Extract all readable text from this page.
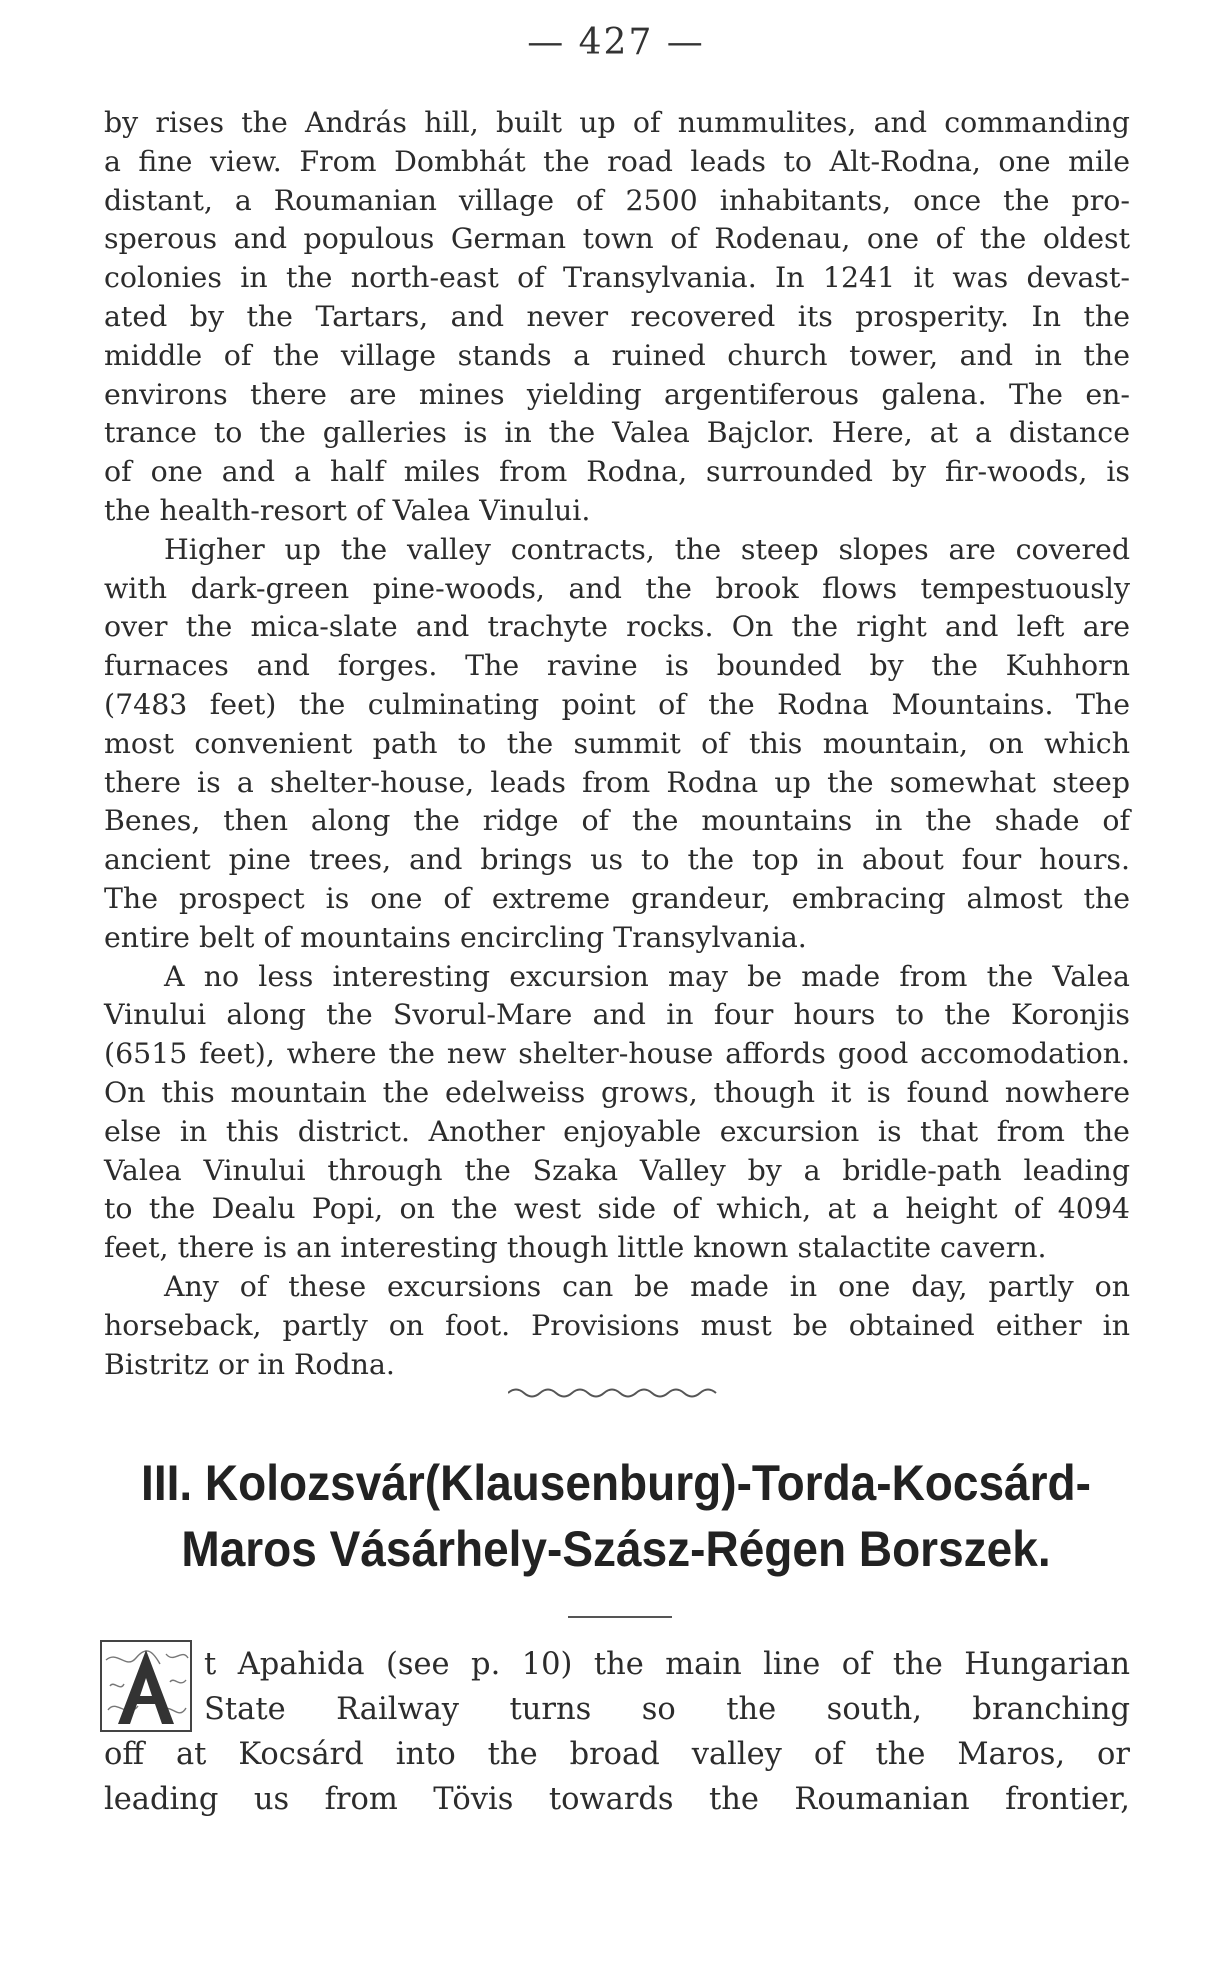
— 427 —

by rises the András hill, built up of nummulites, and commanding
a fine view. From Dombhát the road leads to Alt-Rodna, one mile
distant, a Roumanian village of 2500 inhabitants, once the pro-
sperous and populous German town of Rodenau, one of the oldest
colonies in the north-east of Transylvania. In 1241 it was devast-
ated by the Tartars, and never recovered its prosperity. In the
middle of the village stands a ruined church tower, and in the
environs there are mines yielding argentiferous galena. The en-
trance to the galleries is in the Valea Bajclor. Here, at a distance
of one and a half miles from Rodna, surrounded by fir-woods, is
the health-resort of Valea Vinului.

Higher up the valley contracts, the steep slopes are covered
with dark-green pine-woods, and the brook flows tempestuously
over the mica-slate and trachyte rocks. On the right and left are
furnaces and forges. The ravine is bounded by the Kuhhorn
(7483 feet) the culminating point of the Rodna Mountains. The
most convenient path to the summit of this mountain, on which
there is a shelter-house, leads from Rodna up the somewhat steep
Benes, then along the ridge of the mountains in the shade of
ancient pine trees, and brings us to the top in about four hours.
The prospect is one of extreme grandeur, embracing almost the
entire belt of mountains encircling Transylvania.

A no less interesting excursion may be made from the Valea
Vinului along the Svorul-Mare and in four hours to the Koronjis
(6515 feet), where the new shelter-house affords good accomodation.
On this mountain the edelweiss grows, though it is found nowhere
else in this district. Another enjoyable excursion is that from the
Valea Vinului through the Szaka Valley by a bridle-path leading
to the Dealu Popi, on the west side of which, at a height of 4094
feet, there is an interesting though little known stalactite cavern.

Any of these excursions can be made in one day, partly on
horseback, partly on foot. Provisions must be obtained either in
Bistritz or in Rodna.

III. Kolozsvár(Klausenburg)-Torda-Kocsárd-
Maros Vásárhely-Szász-Régen Borszek.
t Apahida (see p. 10) the main line of the Hungarian
State Railway turns so the south, branching
off at Kocsárd into the broad valley of the Maros, or
leading us from Tövis towards the Roumanian frontier,
